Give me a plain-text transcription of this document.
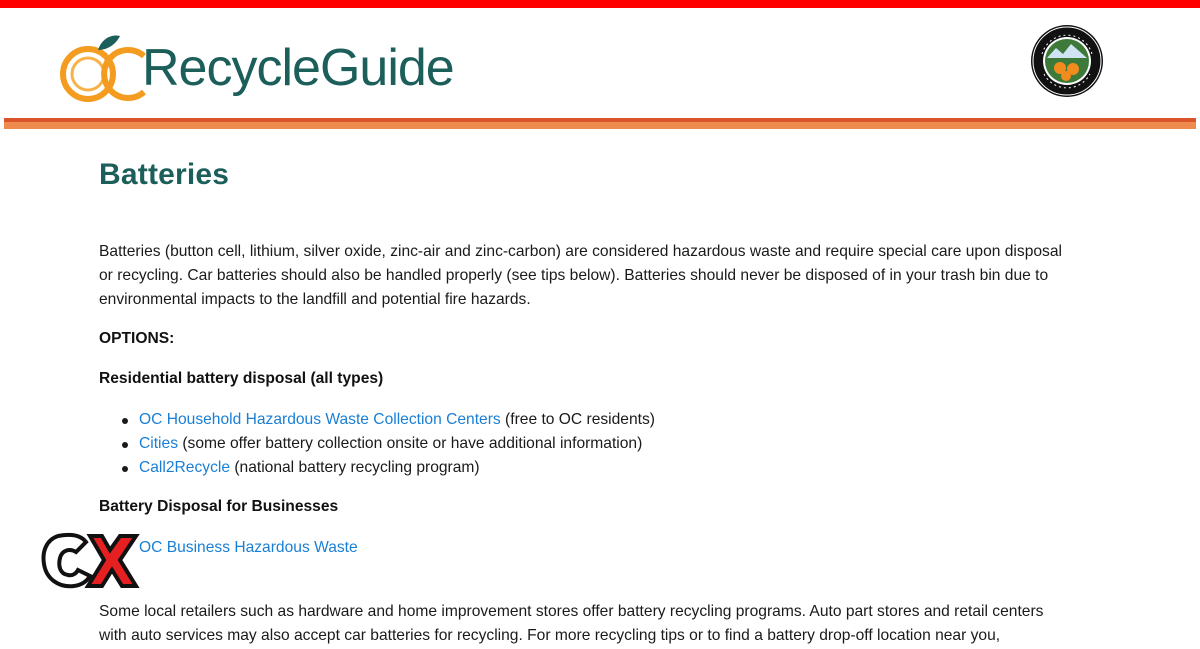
RecycleGuide
Batteries

Batteries (button cell, lithium, silver oxide, zinc-air and zinc-carbon) are considered hazardous waste and require special care upon disposal or recycling. Car batteries should also be handled properly (see tips below). Batteries should never be disposed of in your trash bin due to environmental impacts to the landfill and potential fire hazards.

OPTIONS:
Residential battery disposal (all types)
OC Household Hazardous Waste Collection Centers (free to OC residents)
Cities (some offer battery collection onsite or have additional information)
Call2Recycle (national battery recycling program)
Battery Disposal for Businesses
OC Business Hazardous Waste

Some local retailers such as hardware and home improvement stores offer battery recycling programs. Auto part stores and retail centers with auto services may also accept car batteries for recycling. For more recycling tips or to find a battery drop-off location near you,
